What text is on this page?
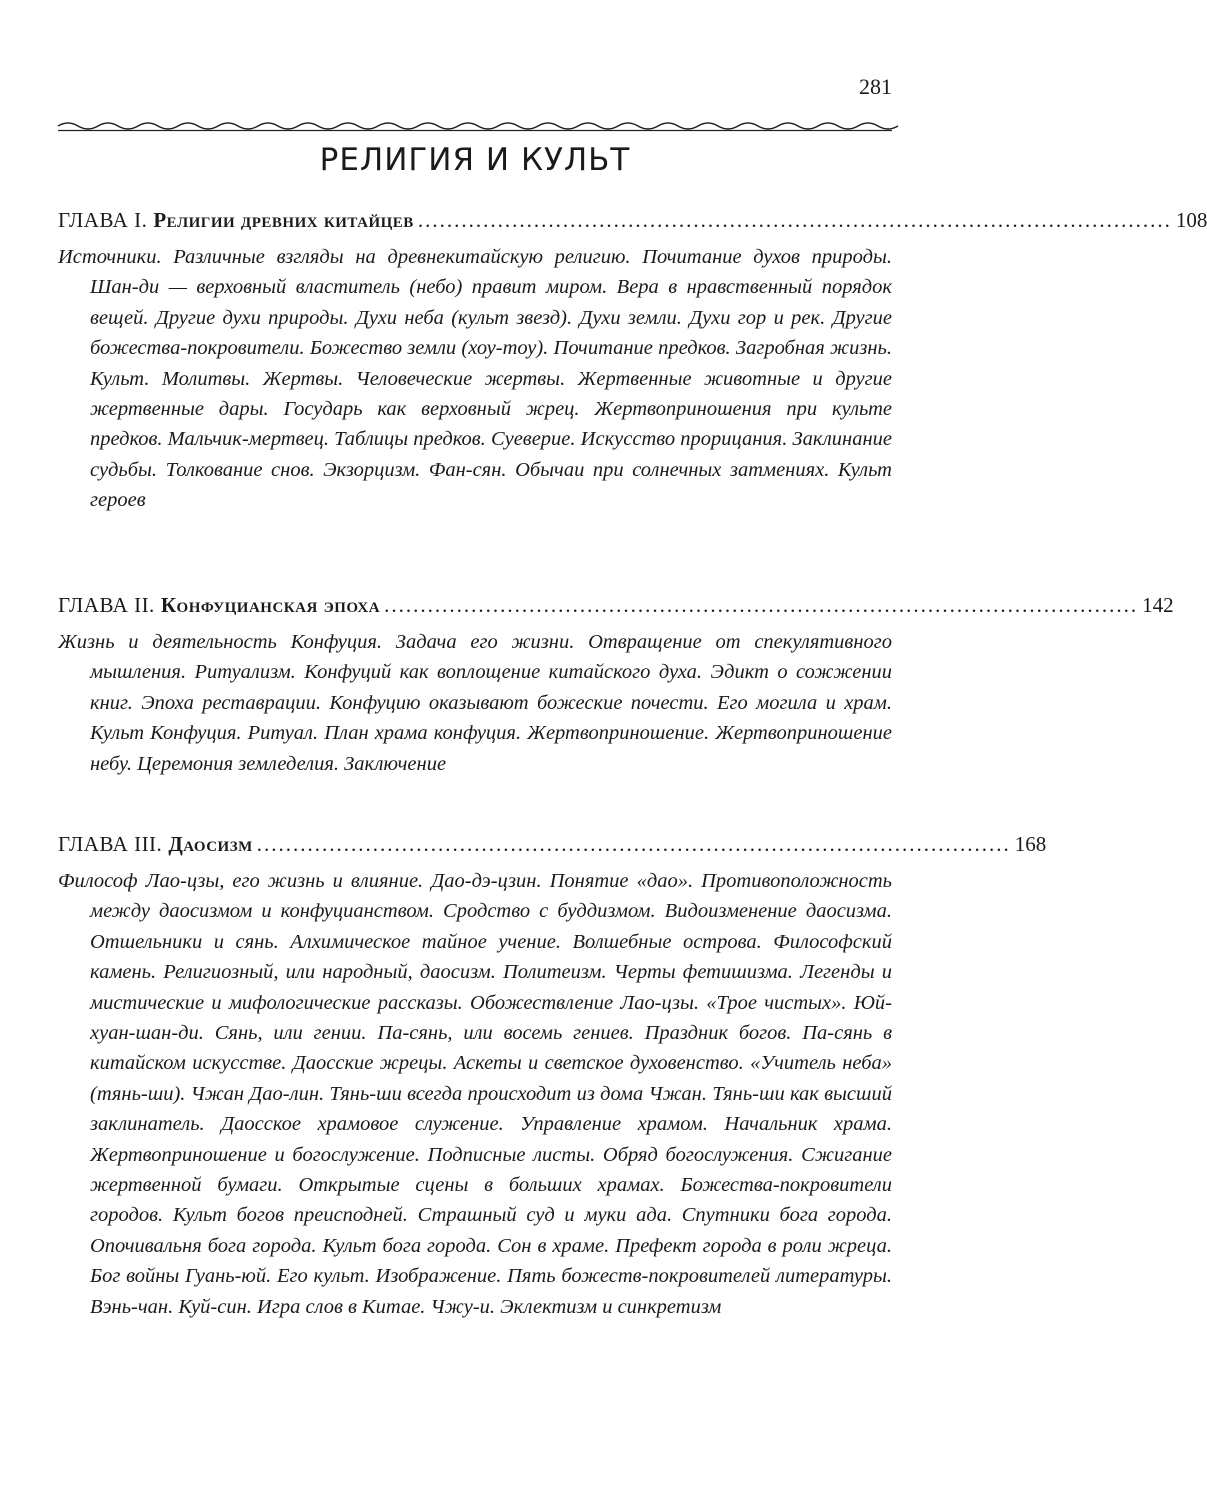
281
РЕЛИГИЯ И КУЛЬТ
ГЛАВА I. Религии древних китайцев ........................................................................................................ 108
Источники. Различные взгляды на древнекитайскую религию. Почитание духов природы. Шан-ди — верховный властитель (небо) правит миром. Вера в нравственный порядок вещей. Другие духи природы. Духи неба (культ звезд). Духи земли. Духи гор и рек. Другие божества-покровители. Божество земли (хоу-тоу). Почитание предков. Загробная жизнь. Культ. Молитвы. Жертвы. Человеческие жертвы. Жертвенные животные и другие жертвенные дары. Государь как верховный жрец. Жертвоприношения при культе предков. Мальчик-мертвец. Таблицы предков. Суеверие. Искусство прорицания. Заклинание судьбы. Толкование снов. Экзорцизм. Фан-сян. Обычаи при солнечных затмениях. Культ героев
ГЛАВА II. Конфуцианская эпоха ........................................................................................................ 142
Жизнь и деятельность Конфуция. Задача его жизни. Отвращение от спекулятивного мышления. Ритуализм. Конфуций как воплощение китайского духа. Эдикт о сожжении книг. Эпоха реставрации. Конфуцию оказывают божеские почести. Его могила и храм. Культ Конфуция. Ритуал. План храма конфуция. Жертвоприношение. Жертвоприношение небу. Церемония земледелия. Заключение
ГЛАВА III. Даосизм ........................................................................................................ 168
Философ Лао-цзы, его жизнь и влияние. Дао-дэ-цзин. Понятие «дао». Противоположность между даосизмом и конфуцианством. Сродство с буддизмом. Видоизменение даосизма. Отшельники и сянь. Алхимическое тайное учение. Волшебные острова. Философский камень. Религиозный, или народный, даосизм. Политеизм. Черты фетишизма. Легенды и мистические и мифологические рассказы. Обожествление Лао-цзы. «Трое чистых». Юй-хуан-шан-ди. Сянь, или гении. Па-сянь, или восемь гениев. Праздник богов. Па-сянь в китайском искусстве. Даосские жрецы. Аскеты и светское духовенство. «Учитель неба» (тянь-ши). Чжан Дао-лин. Тянь-ши всегда происходит из дома Чжан. Тянь-ши как высший заклинатель. Даосское храмовое служение. Управление храмом. Начальник храма. Жертвоприношение и богослужение. Подписные листы. Обряд богослужения. Сжигание жертвенной бумаги. Открытые сцены в больших храмах. Божества-покровители городов. Культ богов преисподней. Страшный суд и муки ада. Спутники бога города. Опочивальня бога города. Культ бога города. Сон в храме. Префект города в роли жреца. Бог войны Гуань-юй. Его культ. Изображение. Пять божеств-покровителей литературы. Вэнь-чан. Куй-син. Игра слов в Китае. Чжу-и. Эклектизм и синкретизм
